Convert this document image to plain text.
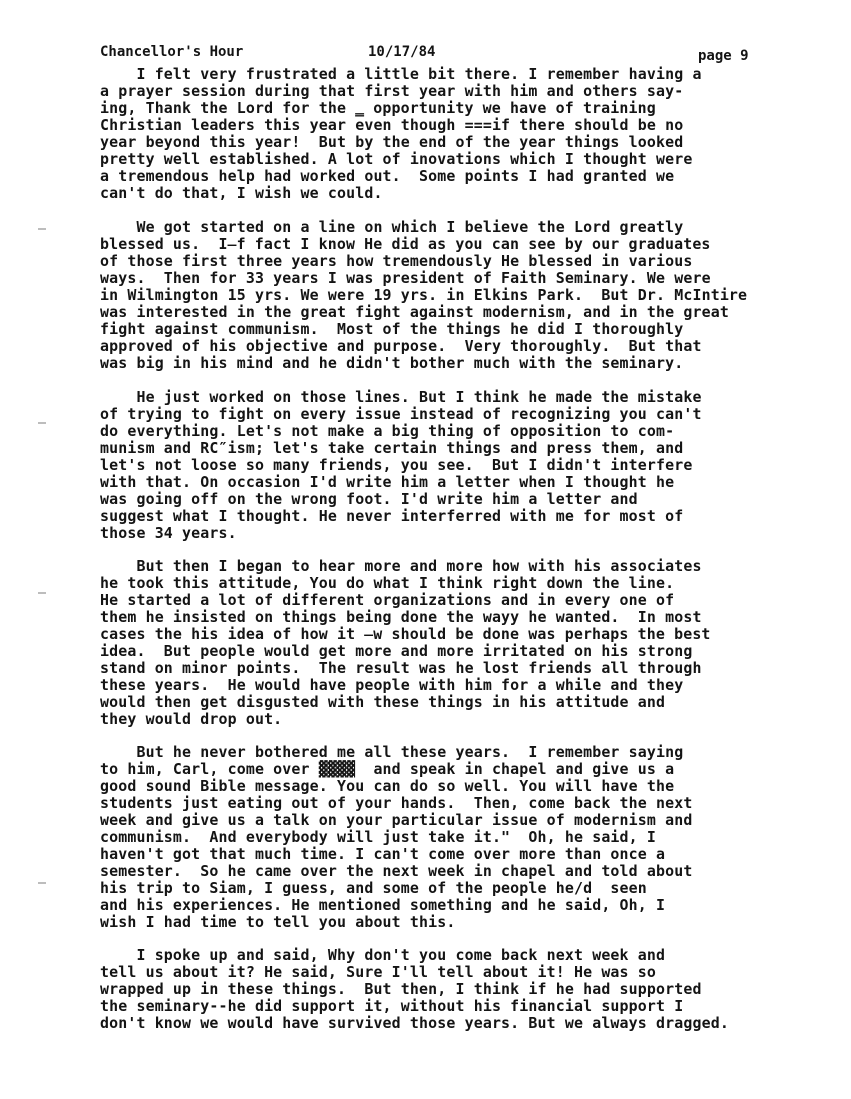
Chancellor's Hour	10/17/84	page 9
I felt very frustrated a little bit there. I remember having a
a prayer session during that first year with him and others say-
ing, Thank the Lord for the ̳ opportunity we have of training
Christian leaders this year even though ===if there should be no
year beyond this year!  But by the end of the year things looked
pretty well established. A lot of inovations which I thought were
a tremendous help had worked out.  Some points I had granted we
can't do that, I wish we could.
We got started on a line on which I believe the Lord greatly
blessed us.  I̶f fact I know He did as you can see by our graduates
of those first three years how tremendously He blessed in various
ways.  Then for 33 years I was president of Faith Seminary. We were
in Wilmington 15 yrs. We were 19 yrs. in Elkins Park.  But Dr. McIntire
was interested in the great fight against modernism, and in the great
fight against communism.  Most of the things he did I thoroughly
approved of his objective and purpose.  Very thoroughly.  But that
was big in his mind and he didn't bother much with the seminary.
He just worked on those lines. But I think he made the mistake
of trying to fight on every issue instead of recognizing you can't
do everything. Let's not make a big thing of opposition to com-
munism and RC″ism; let's take certain things and press them, and
let's not loose so many friends, you see.  But I didn't interfere
with that. On occasion I'd write him a letter when I thought he
was going off on the wrong foot. I'd write him a letter and
suggest what I thought. He never interferred with me for most of
those 34 years.
But then I began to hear more and more how with his associates
he took this attitude, You do what I think right down the line.
He started a lot of different organizations and in every one of
them he insisted on things being done the wayy he wanted.  In most
cases the his idea of how it ̶w should be done was perhaps the best
idea.  But people would get more and more irritated on his strong
stand on minor points.  The result was he lost friends all through
these years.  He would have people with him for a while and they
would then get disgusted with these things in his attitude and
they would drop out.
But he never bothered me all these years.  I remember saying
to him, Carl, come over ▓▓▓▓  and speak in chapel and give us a
good sound Bible message. You can do so well. You will have the
students just eating out of your hands.  Then, come back the next
week and give us a talk on your particular issue of modernism and
communism.  And everybody will just take it."  Oh, he said, I
haven't got that much time. I can't come over more than once a
semester.  So he came over the next week in chapel and told about
his trip to Siam, I guess, and some of the people he/d  seen
and his experiences. He mentioned something and he said, Oh, I
wish I had time to tell you about this.
I spoke up and said, Why don't you come back next week and
tell us about it? He said, Sure I'll tell about it! He was so
wrapped up in these things.  But then, I think if he had supported
the seminary--he did support it, without his financial support I
don't know we would have survived those years. But we always dragged.
